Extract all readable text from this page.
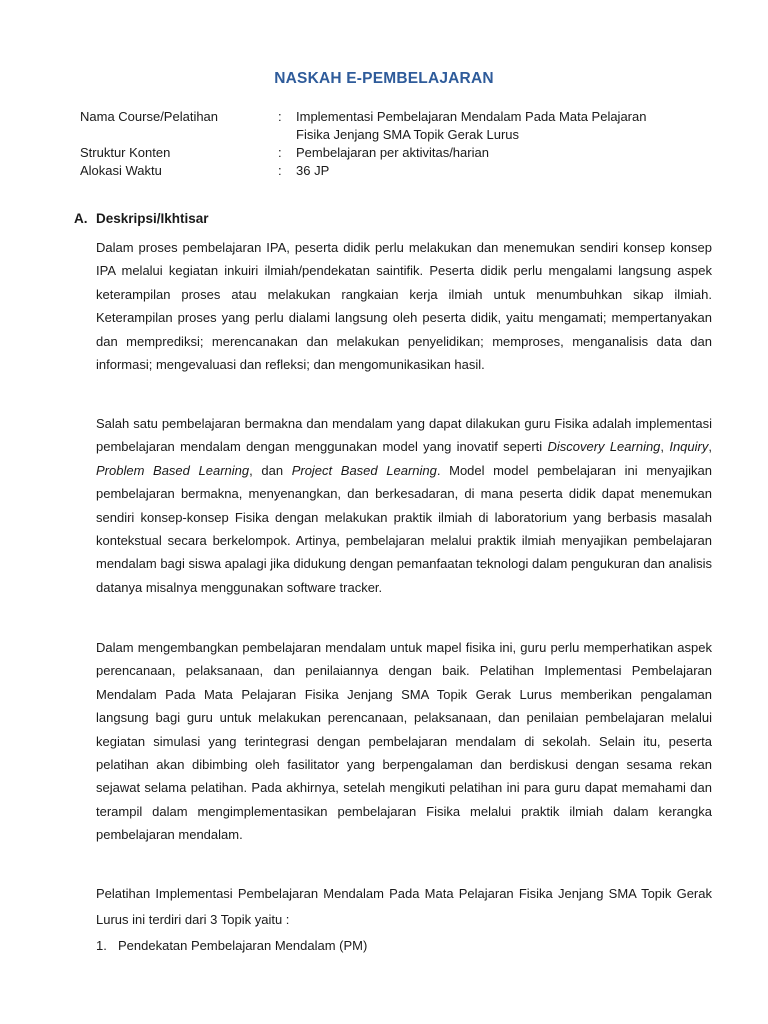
NASKAH E-PEMBELAJARAN
Nama Course/Pelatihan	:	Implementasi Pembelajaran Mendalam Pada Mata Pelajaran
Fisika Jenjang SMA Topik Gerak Lurus
Struktur Konten	:	Pembelajaran per aktivitas/harian
Alokasi Waktu	:	36 JP
A. Deskripsi/Ikhtisar

Dalam proses pembelajaran IPA, peserta didik perlu melakukan dan menemukan sendiri konsep konsep IPA melalui kegiatan inkuiri ilmiah/pendekatan saintifik. Peserta didik perlu mengalami langsung aspek keterampilan proses atau melakukan rangkaian kerja ilmiah untuk menumbuhkan sikap ilmiah. Keterampilan proses yang perlu dialami langsung oleh peserta didik, yaitu mengamati; mempertanyakan dan memprediksi; merencanakan dan melakukan penyelidikan; memproses, menganalisis data dan informasi; mengevaluasi dan refleksi; dan mengomunikasikan hasil.

Salah satu pembelajaran bermakna dan mendalam yang dapat dilakukan guru Fisika adalah implementasi pembelajaran mendalam dengan menggunakan model yang inovatif seperti Discovery Learning, Inquiry, Problem Based Learning, dan Project Based Learning. Model model pembelajaran ini menyajikan pembelajaran bermakna, menyenangkan, dan berkesadaran, di mana peserta didik dapat menemukan sendiri konsep-konsep Fisika dengan melakukan praktik ilmiah di laboratorium yang berbasis masalah kontekstual secara berkelompok. Artinya, pembelajaran melalui praktik ilmiah menyajikan pembelajaran mendalam bagi siswa apalagi jika didukung dengan pemanfaatan teknologi dalam pengukuran dan analisis datanya misalnya menggunakan software tracker.

Dalam mengembangkan pembelajaran mendalam untuk mapel fisika ini, guru perlu memperhatikan aspek perencanaan, pelaksanaan, dan penilaiannya dengan baik. Pelatihan Implementasi Pembelajaran Mendalam Pada Mata Pelajaran Fisika Jenjang SMA Topik Gerak Lurus memberikan pengalaman langsung bagi guru untuk melakukan perencanaan, pelaksanaan, dan penilaian pembelajaran melalui kegiatan simulasi yang terintegrasi dengan pembelajaran mendalam di sekolah. Selain itu, peserta pelatihan akan dibimbing oleh fasilitator yang berpengalaman dan berdiskusi dengan sesama rekan sejawat selama pelatihan. Pada akhirnya, setelah mengikuti pelatihan ini para guru dapat memahami dan terampil dalam mengimplementasikan pembelajaran Fisika melalui praktik ilmiah dalam kerangka pembelajaran mendalam.

Pelatihan Implementasi Pembelajaran Mendalam Pada Mata Pelajaran Fisika Jenjang SMA Topik Gerak Lurus ini terdiri dari 3 Topik yaitu :

1. Pendekatan Pembelajaran Mendalam (PM)
